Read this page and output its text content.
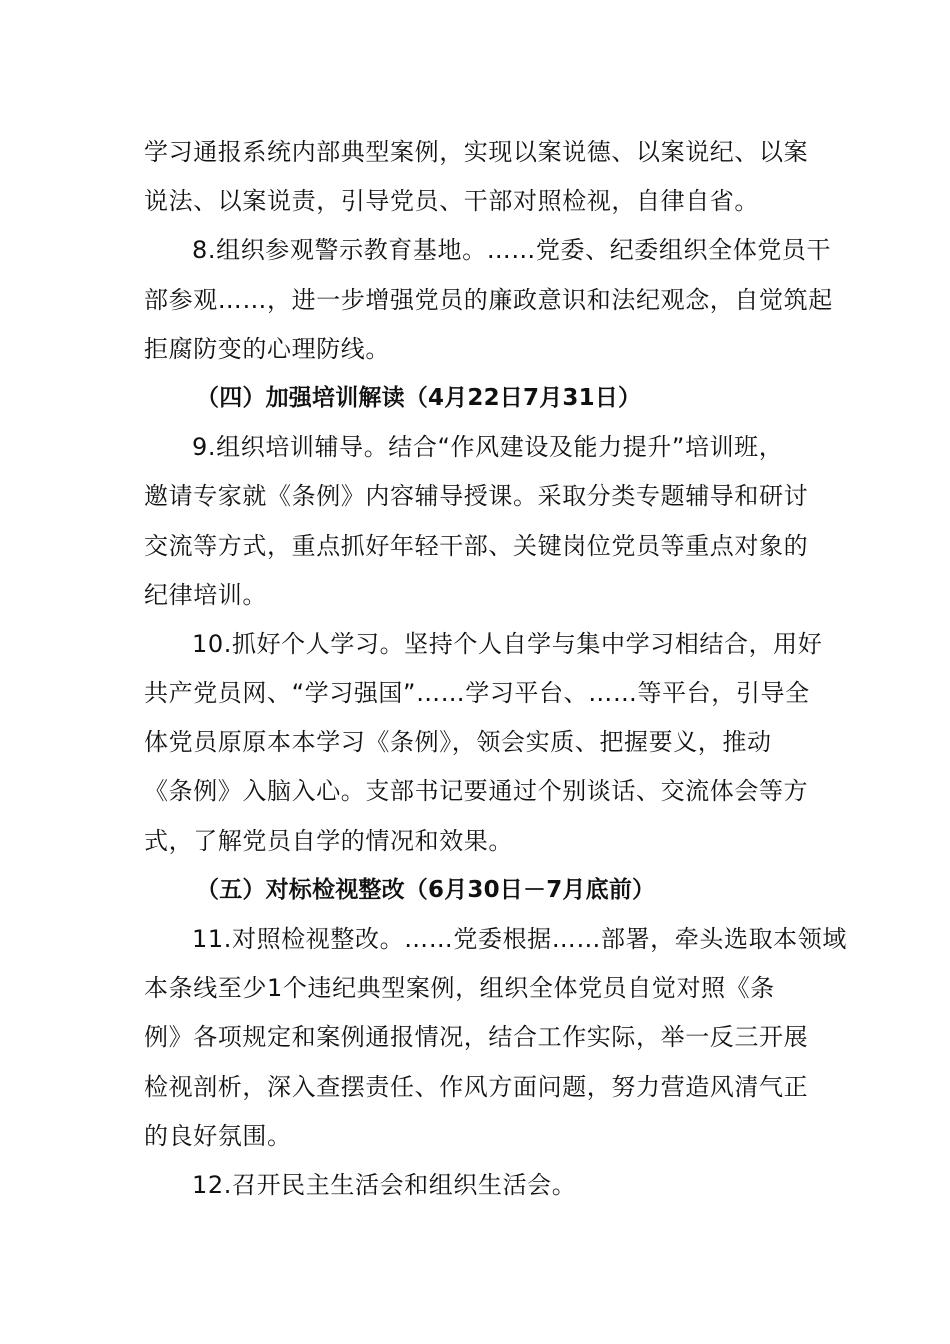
学习通报系统内部典型案例，实现以案说德、以案说纪、以案
说法、以案说责，引导党员、干部对照检视，自律自省。
8.组织参观警示教育基地。……党委、纪委组织全体党员干
部参观……，进一步增强党员的廉政意识和法纪观念，自觉筑起
拒腐防变的心理防线。
（四）加强培训解读（4月22日7月31日）
9.组织培训辅导。结合“作风建设及能力提升”培训班，
邀请专家就《条例》内容辅导授课。采取分类专题辅导和研讨
交流等方式，重点抓好年轻干部、关键岗位党员等重点对象的
纪律培训。
10.抓好个人学习。坚持个人自学与集中学习相结合，用好
共产党员网、“学习强国”……学习平台、……等平台，引导全
体党员原原本本学习《条例》，领会实质、把握要义，推动
《条例》入脑入心。支部书记要通过个别谈话、交流体会等方
式，了解党员自学的情况和效果。
（五）对标检视整改（6月30日－7月底前）
11.对照检视整改。……党委根据……部署，牵头选取本领域
本条线至少1个违纪典型案例，组织全体党员自觉对照《条
例》各项规定和案例通报情况，结合工作实际，举一反三开展
检视剖析，深入查摆责任、作风方面问题，努力营造风清气正
的良好氛围。
12.召开民主生活会和组织生活会。
